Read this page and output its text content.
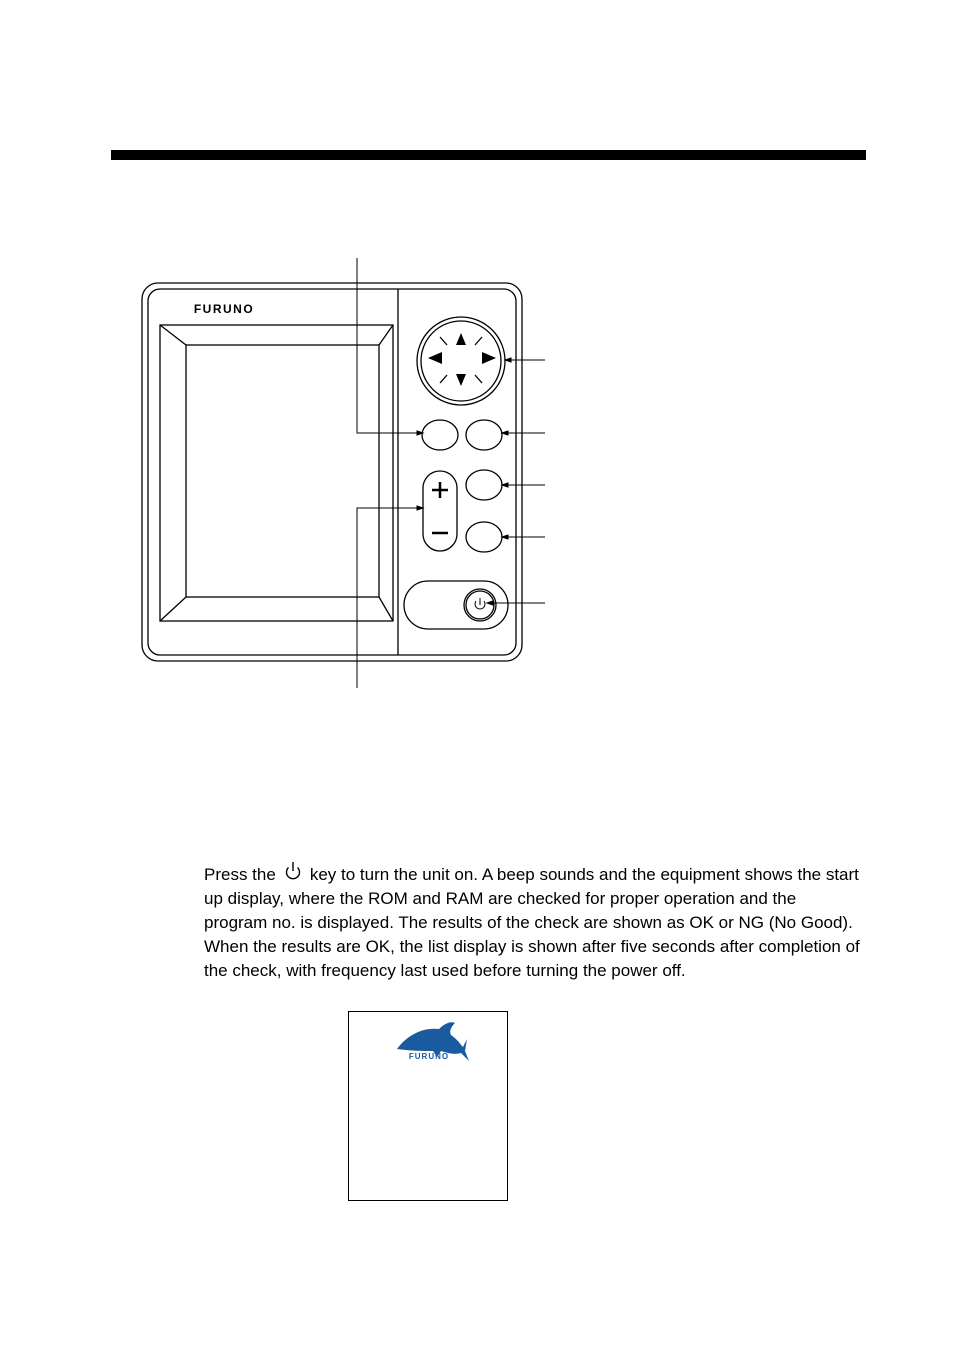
FURUNO

Press the key to turn the unit on. A beep sounds and the equipment shows the start up display, where the ROM and RAM are checked for proper operation and the program no. is displayed. The results of the check are shown as OK or NG (No Good).

When the results are OK, the list display is shown after five seconds after completion of the check, with frequency last used before turning the power off.

FURUNO
